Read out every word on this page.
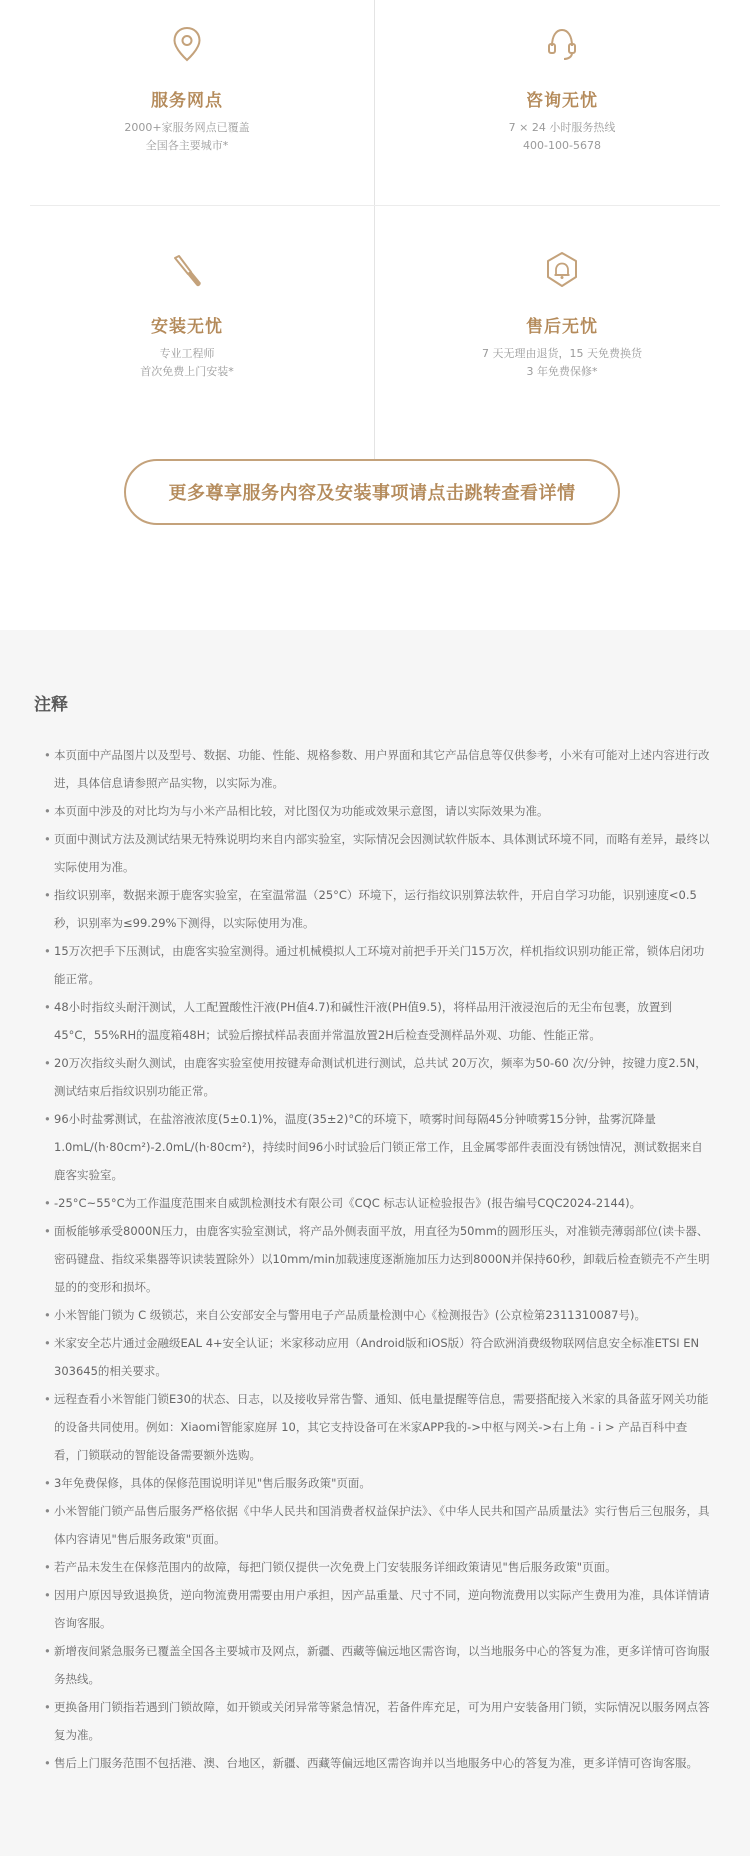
服务网点
2000+家服务网点已覆盖
全国各主要城市*
咨询无忧
7 × 24 小时服务热线
400-100-5678
安装无忧
专业工程师
首次免费上门安装*
售后无忧
7 天无理由退货，15 天免费换货
3 年免费保修*
更多尊享服务内容及安装事项请点击跳转查看详情
注释
• 本页面中产品图片以及型号、数据、功能、性能、规格参数、用户界面和其它产品信息等仅供参考，小米有可能对上述内容进行改进，具体信息请参照产品实物，以实际为准。
• 本页面中涉及的对比均为与小米产品相比较，对比图仅为功能或效果示意图，请以实际效果为准。
• 页面中测试方法及测试结果无特殊说明均来自内部实验室，实际情况会因测试软件版本、具体测试环境不同，而略有差异，最终以实际使用为准。
• 指纹识别率，数据来源于鹿客实验室，在室温常温（25°C）环境下，运行指纹识别算法软件，开启自学习功能，识别速度<0.5秒，识别率为≤99.29%下测得，以实际使用为准。
• 15万次把手下压测试，由鹿客实验室测得。通过机械模拟人工环境对前把手开关门15万次，样机指纹识别功能正常，锁体启闭功能正常。
• 48小时指纹头耐汗测试，人工配置酸性汗液(PH值4.7)和碱性汗液(PH值9.5)，将样品用汗液浸泡后的无尘布包裹，放置到45°C，55%RH的温度箱48H；试验后擦拭样品表面并常温放置2H后检查受测样品外观、功能、性能正常。
• 20万次指纹头耐久测试，由鹿客实验室使用按键寿命测试机进行测试，总共试 20万次，频率为50-60 次/分钟，按键力度2.5N，测试结束后指纹识别功能正常。
• 96小时盐雾测试，在盐溶液浓度(5±0.1)%，温度(35±2)°C的环境下，喷雾时间每隔45分钟喷雾15分钟，盐雾沉降量1.0mL/(h·80cm²)-2.0mL/(h·80cm²)，持续时间96小时试验后门锁正常工作，且金属零部件表面没有锈蚀情况，测试数据来自鹿客实验室。
• -25°C~55°C为工作温度范围来自威凯检测技术有限公司《CQC 标志认证检验报告》(报告编号CQC2024-2144)。
• 面板能够承受8000N压力，由鹿客实验室测试，将产品外侧表面平放，用直径为50mm的圆形压头，对准锁壳薄弱部位(读卡器、密码键盘、指纹采集器等识读装置除外）以10mm/min加载速度逐渐施加压力达到8000N并保持60秒，卸载后检查锁壳不产生明显的的变形和损坏。
• 小米智能门锁为 C 级锁芯，来自公安部安全与警用电子产品质量检测中心《检测报告》(公京检第2311310087号)。
• 米家安全芯片通过金融级EAL 4+安全认证；米家移动应用（Android版和iOS版）符合欧洲消费级物联网信息安全标准ETSI EN 303645的相关要求。
• 远程查看小米智能门锁E30的状态、日志，以及接收异常告警、通知、低电量提醒等信息，需要搭配接入米家的具备蓝牙网关功能的设备共同使用。例如：Xiaomi智能家庭屏 10，其它支持设备可在米家APP我的->中枢与网关->右上角 - i > 产品百科中查看，门锁联动的智能设备需要额外选购。
• 3年免费保修，具体的保修范围说明详见"售后服务政策"页面。
• 小米智能门锁产品售后服务严格依据《中华人民共和国消费者权益保护法》、《中华人民共和国产品质量法》实行售后三包服务，具体内容请见"售后服务政策"页面。
• 若产品未发生在保修范围内的故障，每把门锁仅提供一次免费上门安装服务详细政策请见"售后服务政策"页面。
• 因用户原因导致退换货，逆向物流费用需要由用户承担，因产品重量、尺寸不同，逆向物流费用以实际产生费用为准，具体详情请咨询客服。
• 新增夜间紧急服务已覆盖全国各主要城市及网点，新疆、西藏等偏远地区需咨询，以当地服务中心的答复为准，更多详情可咨询服务热线。
• 更换备用门锁指若遇到门锁故障，如开锁或关闭异常等紧急情况，若备件库充足，可为用户安装备用门锁，实际情况以服务网点答复为准。
• 售后上门服务范围不包括港、澳、台地区，新疆、西藏等偏远地区需咨询并以当地服务中心的答复为准，更多详情可咨询客服。
